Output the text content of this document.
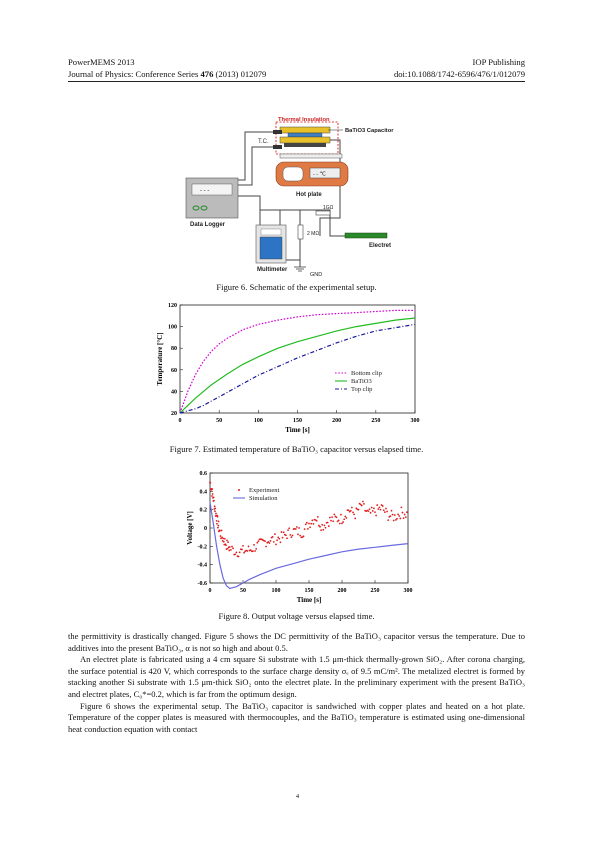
PowerMEMS 2013	IOP Publishing
Journal of Physics: Conference Series 476 (2013) 012079	doi:10.1088/1742-6596/476/1/012079
Thermal Insulation
BaTiO3 Capacitor
T.C.
- - ℃
Hot plate
- - -
Data Logger
1GΩ
2 MΩ
Electret
Multimeter
GND
Figure 6. Schematic of the experimental setup.
0	50	100	150	200	250	300
20
40
60
80
100
120
Time [s]
Temperature [°C]	Bottom clip
BaTiO3
Top clip
Figure 7. Estimated temperature of BaTiO₃ capacitor versus elapsed time.
0	50	100	150	200	250	300
-0.6
-0.4
-0.2
0
0.2
0.4
0.6
Time [s]
Voltage [V]
Experiment
Simulation
Figure 8. Output voltage versus elapsed time.

the permittivity is drastically changed. Figure 5 shows the DC permittivity of the BaTiO₃ capacitor versus the temperature. Due to additives into the present BaTiO₃, α is not so high and about 0.5.

An electret plate is fabricated using a 4 cm square Si substrate with 1.5 μm-thick thermally-grown SiO₂. After corona charging, the surface potential is 420 V, which corresponds to the surface charge density σₑ of 9.5 mC/m². The metalized electret is formed by stacking another Si substrate with 1.5 μm-thick SiO₂ onto the electret plate. In the preliminary experiment with the present BaTiO₃ and electret plates, C₀*=0.2, which is far from the optimum design.

Figure 6 shows the experimental setup. The BaTiO₃ capacitor is sandwiched with copper plates and heated on a hot plate. Temperature of the copper plates is measured with thermocouples, and the BaTiO₃ temperature is estimated using one-dimensional heat conduction equation with contact

4
